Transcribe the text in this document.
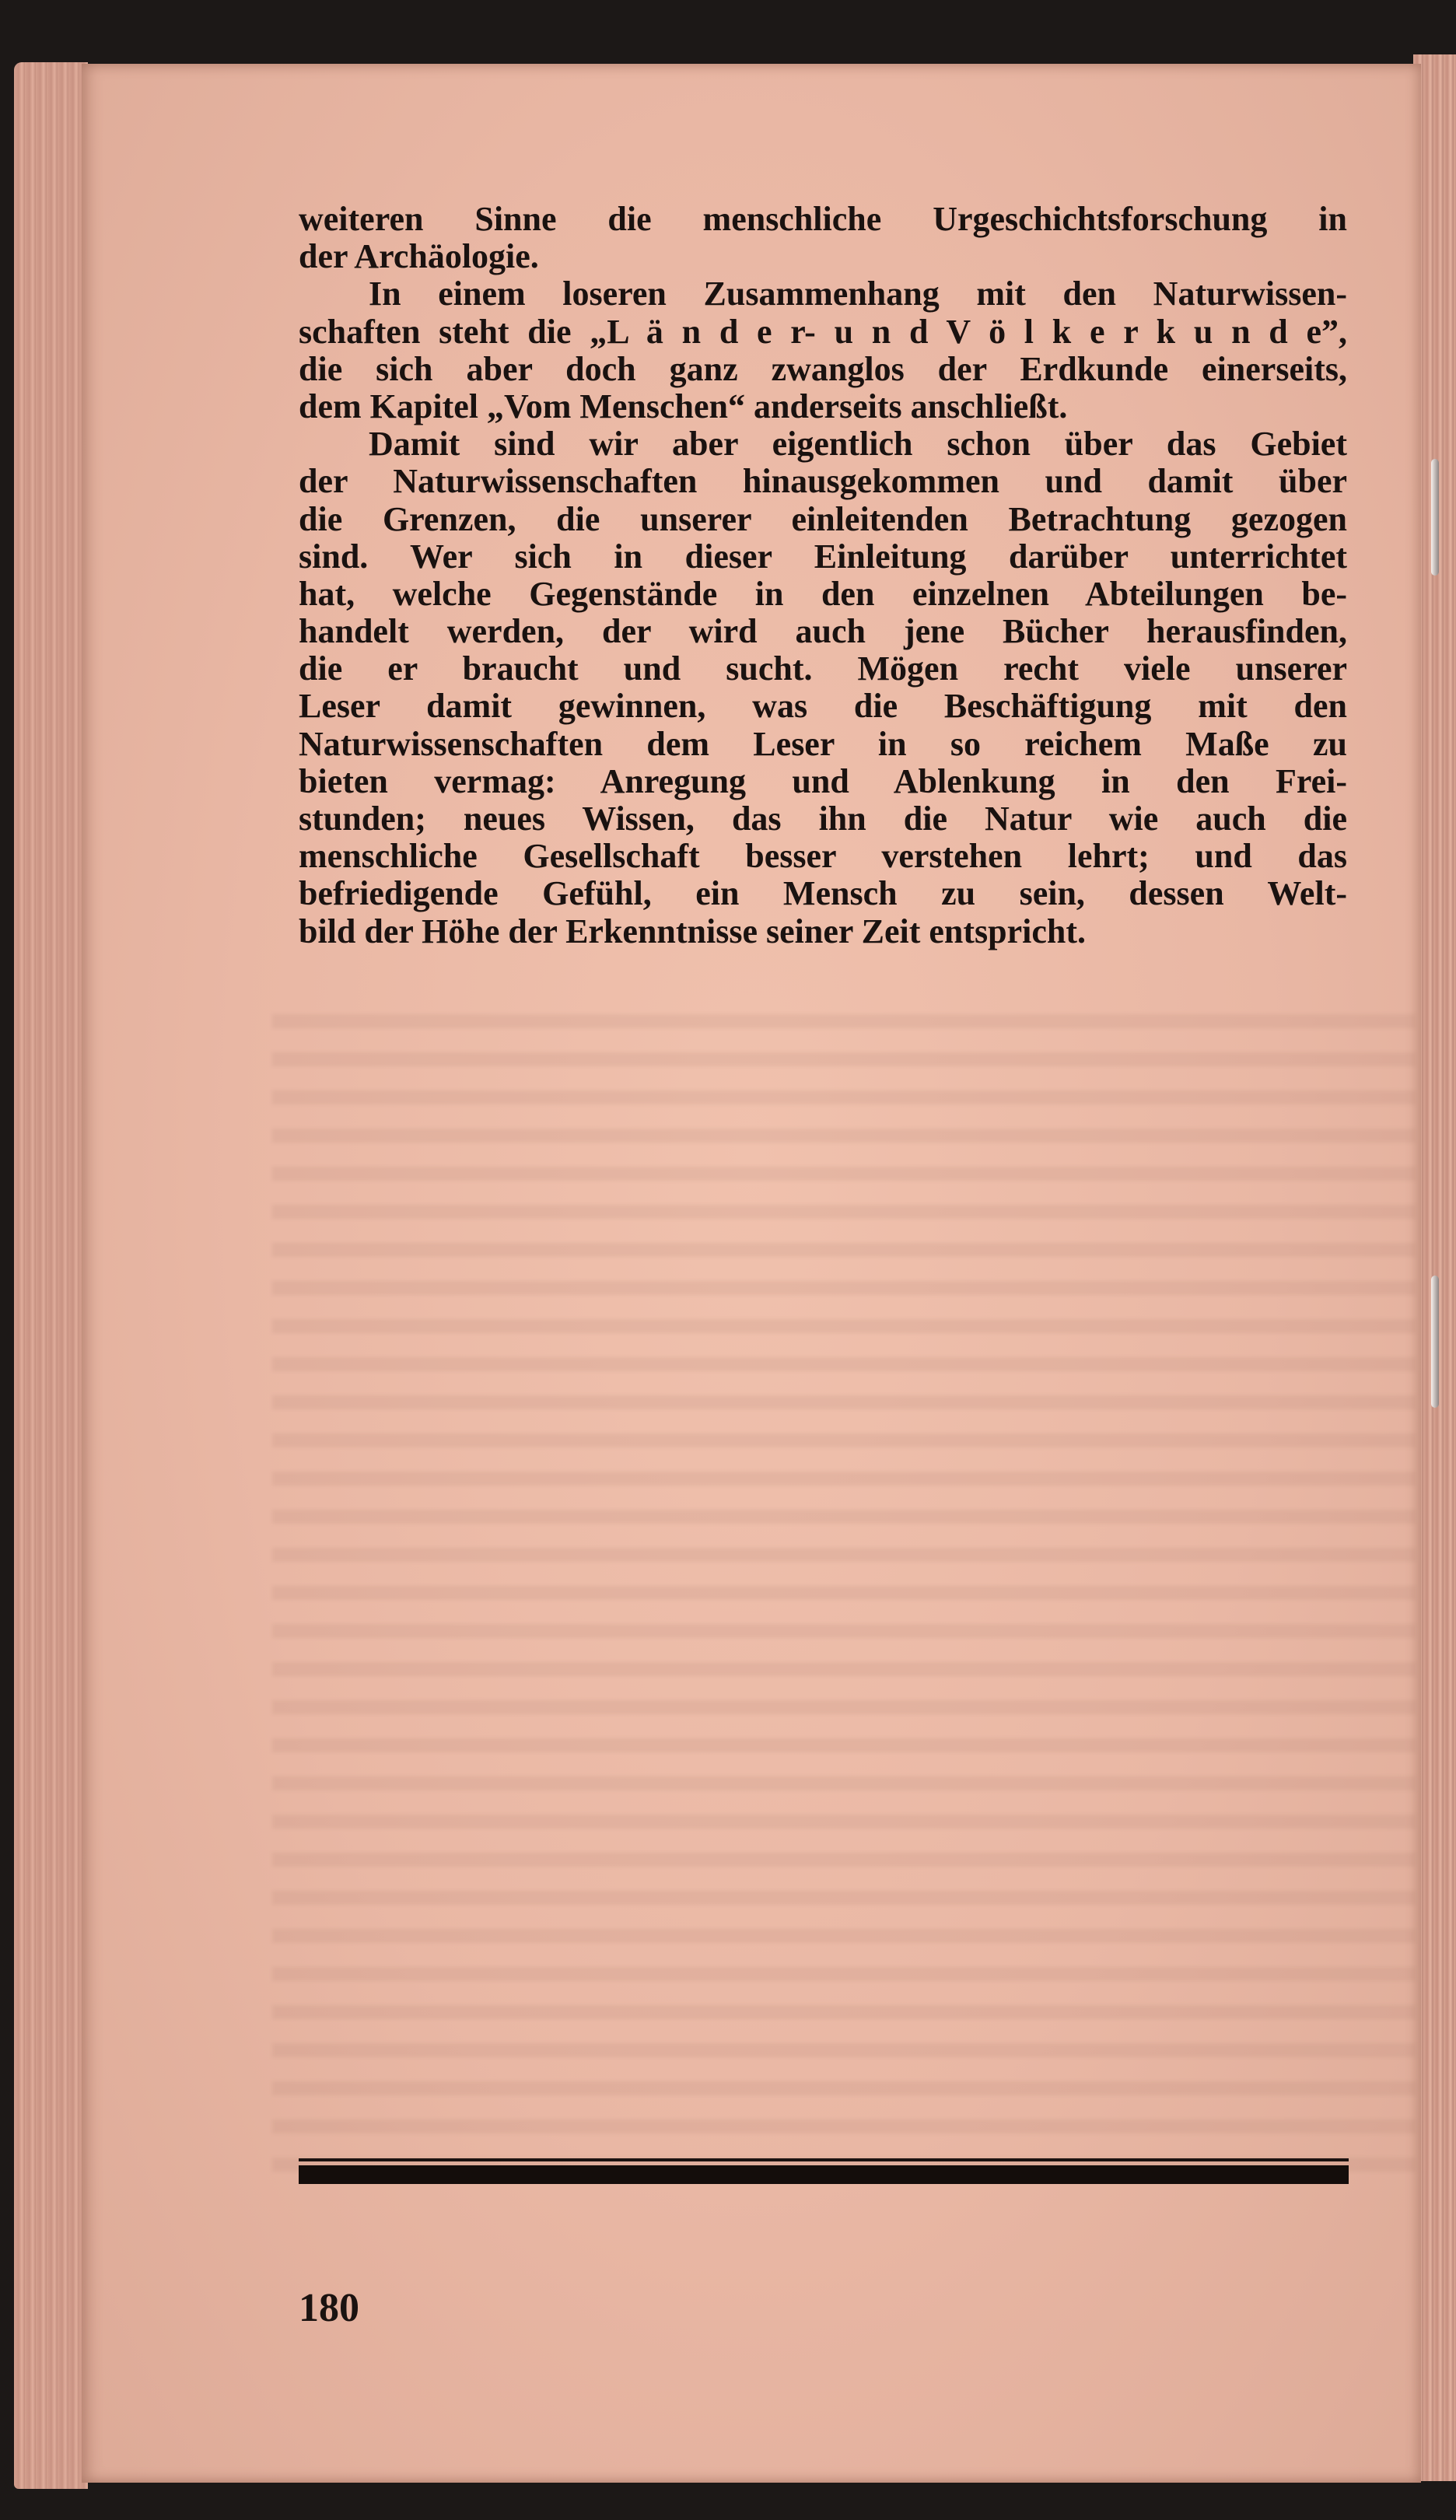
weiteren Sinne die menschliche Urgeschichtsforschung in
der Archäologie.
In einem loseren Zusammenhang mit den Naturwissen-
schaften steht die „L ä n d e r- u n d V ö l k e r k u n d e”,
die sich aber doch ganz zwanglos der Erdkunde einerseits,
dem Kapitel „Vom Menschen“ anderseits anschließt.
Damit sind wir aber eigentlich schon über das Gebiet
der Naturwissenschaften hinausgekommen und damit über
die Grenzen, die unserer einleitenden Betrachtung gezogen
sind. Wer sich in dieser Einleitung darüber unterrichtet
hat, welche Gegenstände in den einzelnen Abteilungen be-
handelt werden, der wird auch jene Bücher herausfinden,
die er braucht und sucht. Mögen recht viele unserer
Leser damit gewinnen, was die Beschäftigung mit den
Naturwissenschaften dem Leser in so reichem Maße zu
bieten vermag: Anregung und Ablenkung in den Frei-
stunden; neues Wissen, das ihn die Natur wie auch die
menschliche Gesellschaft besser verstehen lehrt; und das
befriedigende Gefühl, ein Mensch zu sein, dessen Welt-
bild der Höhe der Erkenntnisse seiner Zeit entspricht.
180
